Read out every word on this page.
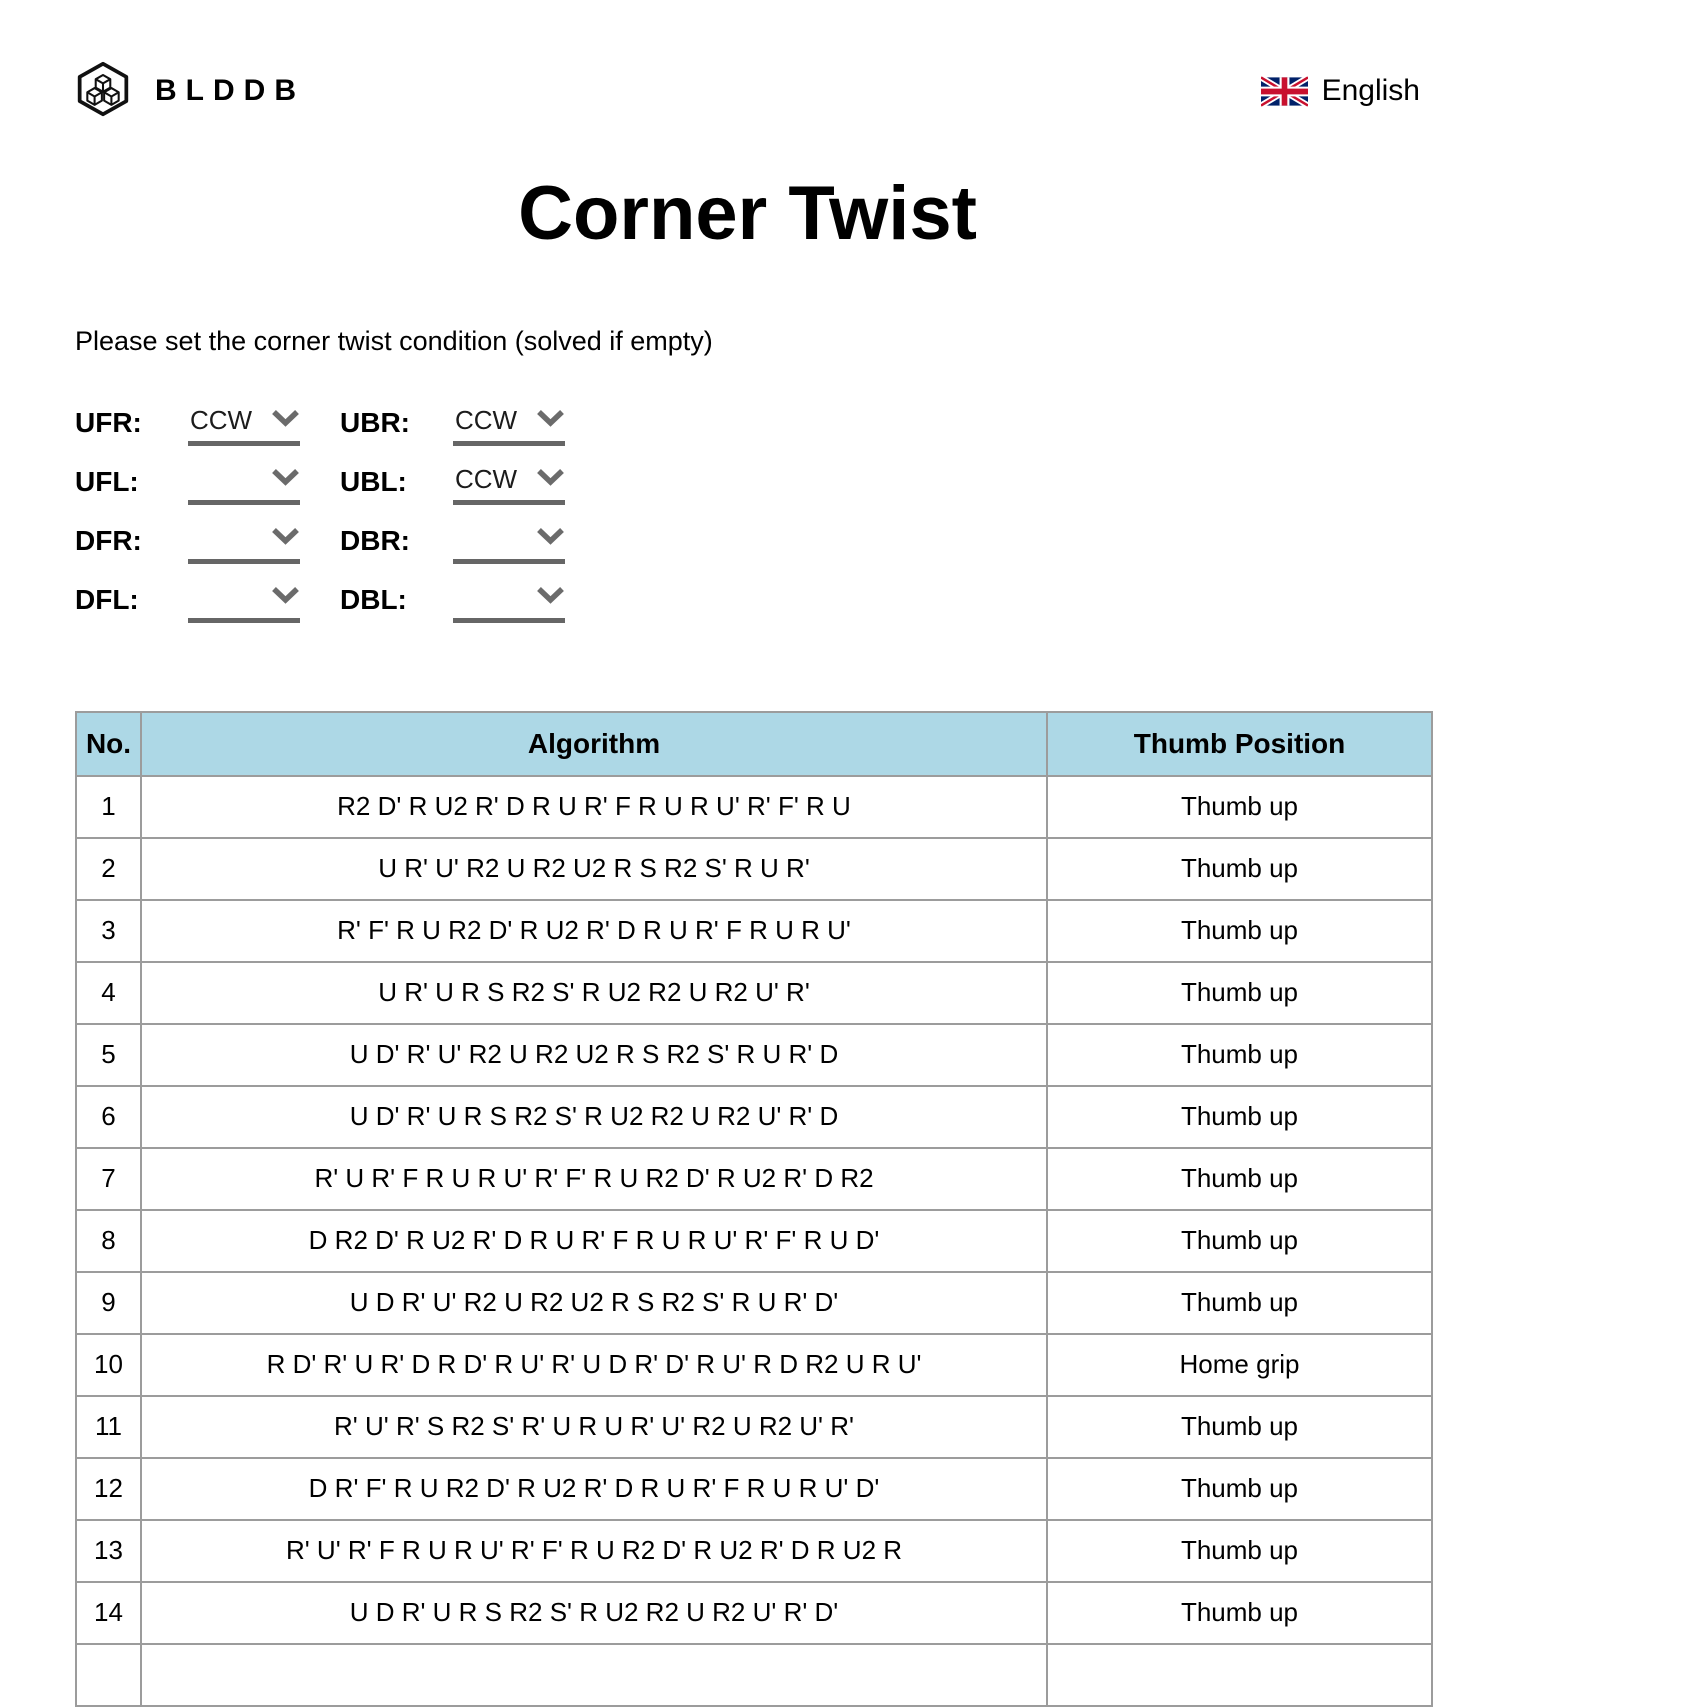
BLDDB	English
Corner Twist

Please set the corner twist condition (solved if empty)

UFR:
CCW	UBR:
CCW
UFL:	UBL:
CCW
DFR:	DBR:
DFL:	DBL:
No.	Algorithm	Thumb Position
1	R2 D' R U2 R' D R U R' F R U R U' R' F' R U	Thumb up
2	U R' U' R2 U R2 U2 R S R2 S' R U R'	Thumb up
3	R' F' R U R2 D' R U2 R' D R U R' F R U R U'	Thumb up
4	U R' U R S R2 S' R U2 R2 U R2 U' R'	Thumb up
5	U D' R' U' R2 U R2 U2 R S R2 S' R U R' D	Thumb up
6	U D' R' U R S R2 S' R U2 R2 U R2 U' R' D	Thumb up
7	R' U R' F R U R U' R' F' R U R2 D' R U2 R' D R2	Thumb up
8	D R2 D' R U2 R' D R U R' F R U R U' R' F' R U D'	Thumb up
9	U D R' U' R2 U R2 U2 R S R2 S' R U R' D'	Thumb up
10	R D' R' U R' D R D' R U' R' U D R' D' R U' R D R2 U R U'	Home grip
11	R' U' R' S R2 S' R' U R U R' U' R2 U R2 U' R'	Thumb up
12	D R' F' R U R2 D' R U2 R' D R U R' F R U R U' D'	Thumb up
13	R' U' R' F R U R U' R' F' R U R2 D' R U2 R' D R U2 R	Thumb up
14	U D R' U R S R2 S' R U2 R2 U R2 U' R' D'	Thumb up
